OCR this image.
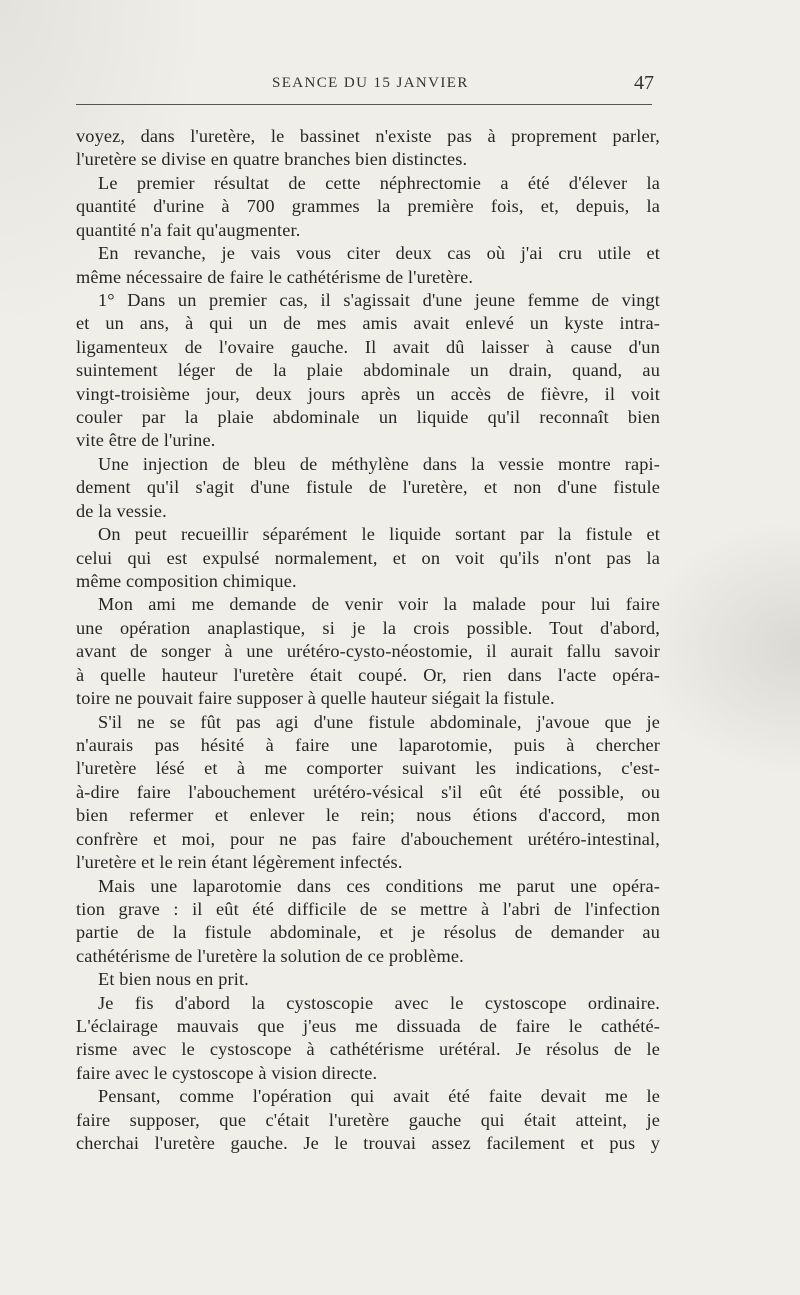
SEANCE DU 15 JANVIER	47
voyez, dans l'uretère, le bassinet n'existe pas à proprement parler,
l'uretère se divise en quatre branches bien distinctes.
Le premier résultat de cette néphrectomie a été d'élever la
quantité d'urine à 700 grammes la première fois, et, depuis, la
quantité n'a fait qu'augmenter.
En revanche, je vais vous citer deux cas où j'ai cru utile et
même nécessaire de faire le cathétérisme de l'uretère.
1° Dans un premier cas, il s'agissait d'une jeune femme de vingt
et un ans, à qui un de mes amis avait enlevé un kyste intra-
ligamenteux de l'ovaire gauche. Il avait dû laisser à cause d'un
suintement léger de la plaie abdominale un drain, quand, au
vingt-troisième jour, deux jours après un accès de fièvre, il voit
couler par la plaie abdominale un liquide qu'il reconnaît bien
vite être de l'urine.
Une injection de bleu de méthylène dans la vessie montre rapi-
dement qu'il s'agit d'une fistule de l'uretère, et non d'une fistule
de la vessie.
On peut recueillir séparément le liquide sortant par la fistule et
celui qui est expulsé normalement, et on voit qu'ils n'ont pas la
même composition chimique.
Mon ami me demande de venir voir la malade pour lui faire
une opération anaplastique, si je la crois possible. Tout d'abord,
avant de songer à une urétéro-cysto-néostomie, il aurait fallu savoir
à quelle hauteur l'uretère était coupé. Or, rien dans l'acte opéra-
toire ne pouvait faire supposer à quelle hauteur siégait la fistule.
S'il ne se fût pas agi d'une fistule abdominale, j'avoue que je
n'aurais pas hésité à faire une laparotomie, puis à chercher
l'uretère lésé et à me comporter suivant les indications, c'est-
à-dire faire l'abouchement urétéro-vésical s'il eût été possible, ou
bien refermer et enlever le rein; nous étions d'accord, mon
confrère et moi, pour ne pas faire d'abouchement urétéro-intestinal,
l'uretère et le rein étant légèrement infectés.
Mais une laparotomie dans ces conditions me parut une opéra-
tion grave : il eût été difficile de se mettre à l'abri de l'infection
partie de la fistule abdominale, et je résolus de demander au
cathétérisme de l'uretère la solution de ce problème.
Et bien nous en prit.
Je fis d'abord la cystoscopie avec le cystoscope ordinaire.
L'éclairage mauvais que j'eus me dissuada de faire le cathété-
risme avec le cystoscope à cathétérisme urétéral. Je résolus de le
faire avec le cystoscope à vision directe.
Pensant, comme l'opération qui avait été faite devait me le
faire supposer, que c'était l'uretère gauche qui était atteint, je
cherchai l'uretère gauche. Je le trouvai assez facilement et pus y
